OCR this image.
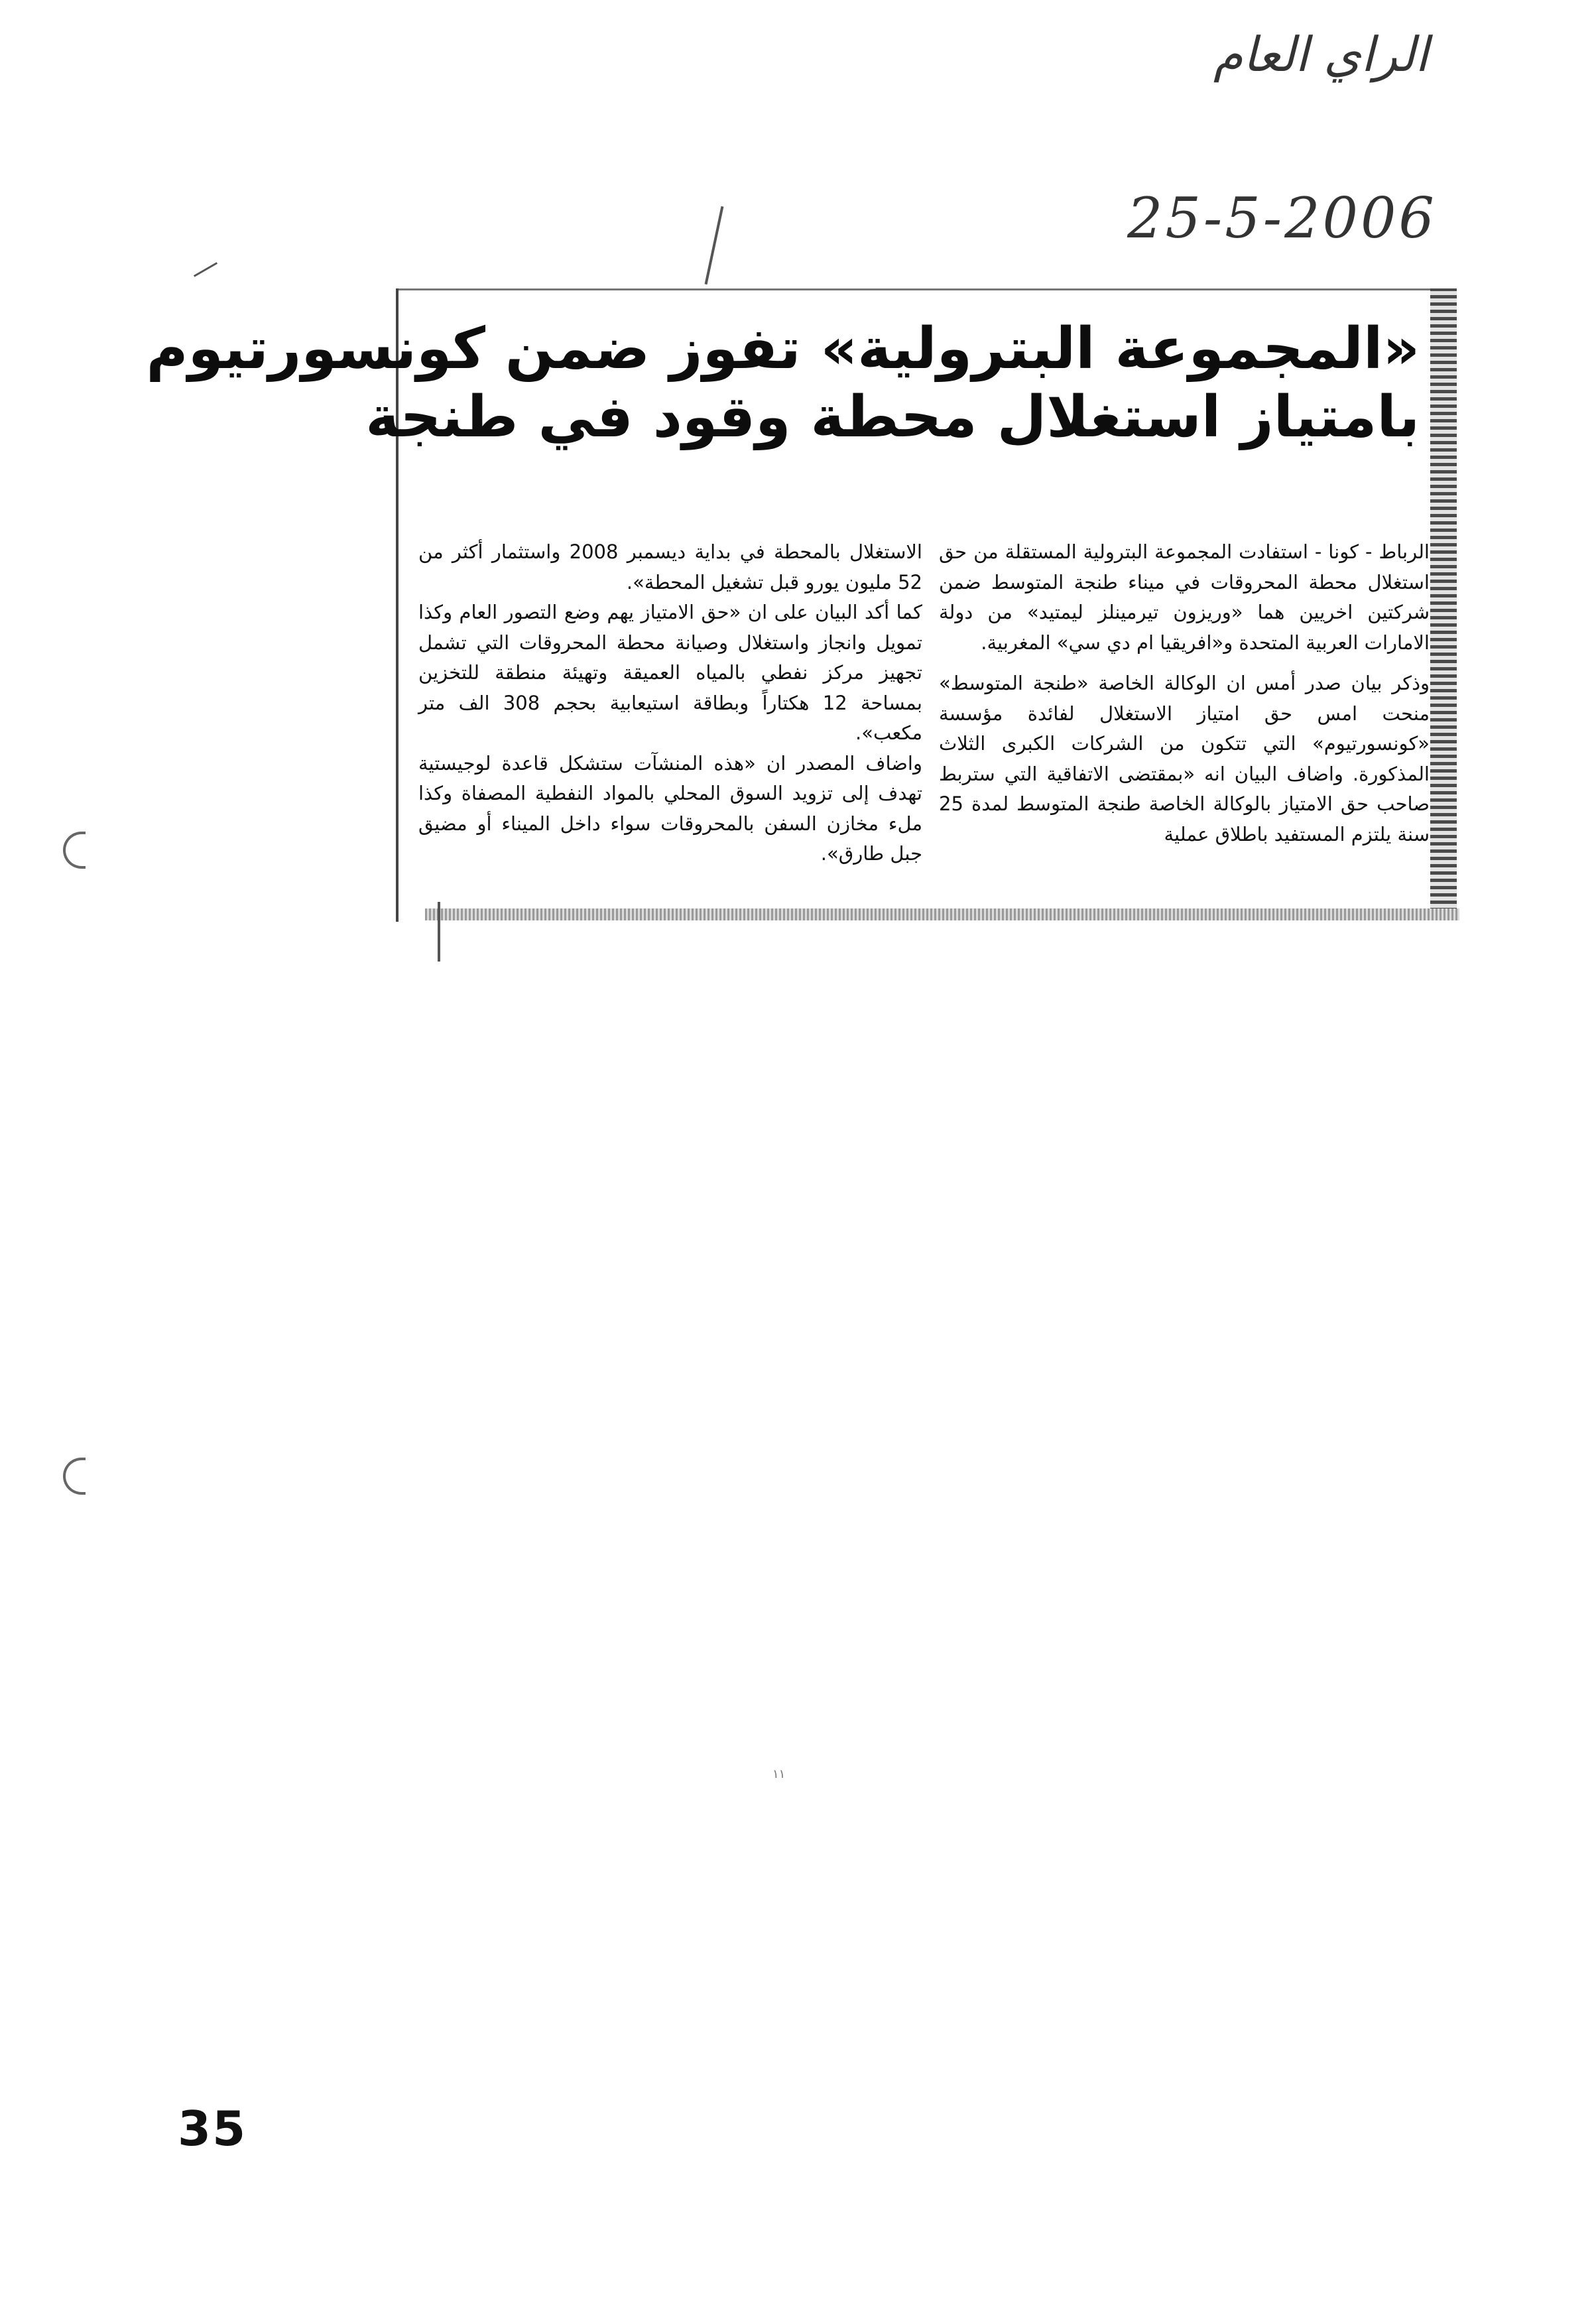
الراي العام
25-5-2006
«المجموعة البترولية» تفوز ضمن كونسورتيوم
بامتياز استغلال محطة وقود في طنجة

الرباط - كونا - استفادت المجموعة البترولية المستقلة من حق استغلال محطة المحروقات في ميناء طنجة المتوسط ضمن شركتين اخريين هما «وريزون تيرمينلز ليمتيد» من دولة الامارات العربية المتحدة و«افريقيا ام دي سي» المغربية.

وذكر بيان صدر أمس ان الوكالة الخاصة «طنجة المتوسط» منحت امس حق امتياز الاستغلال لفائدة مؤسسة «كونسورتيوم» التي تتكون من الشركات الكبرى الثلاث المذكورة. واضاف البيان انه «بمقتضى الاتفاقية التي ستربط صاحب حق الامتياز بالوكالة الخاصة طنجة المتوسط لمدة 25 سنة يلتزم المستفيد باطلاق عملية

الاستغلال بالمحطة في بداية ديسمبر 2008 واستثمار أكثر من 52 مليون يورو قبل تشغيل المحطة».

كما أكد البيان على ان «حق الامتياز يهم وضع التصور العام وكذا تمويل وانجاز واستغلال وصيانة محطة المحروقات التي تشمل تجهيز مركز نفطي بالمياه العميقة وتهيئة منطقة للتخزين بمساحة 12 هكتاراً وبطاقة استيعابية بحجم 308 الف متر مكعب».

واضاف المصدر ان «هذه المنشآت ستشكل قاعدة لوجيستية تهدف إلى تزويد السوق المحلي بالمواد النفطية المصفاة وكذا ملء مخازن السفن بالمحروقات سواء داخل الميناء أو مضيق جبل طارق».

١١
35
